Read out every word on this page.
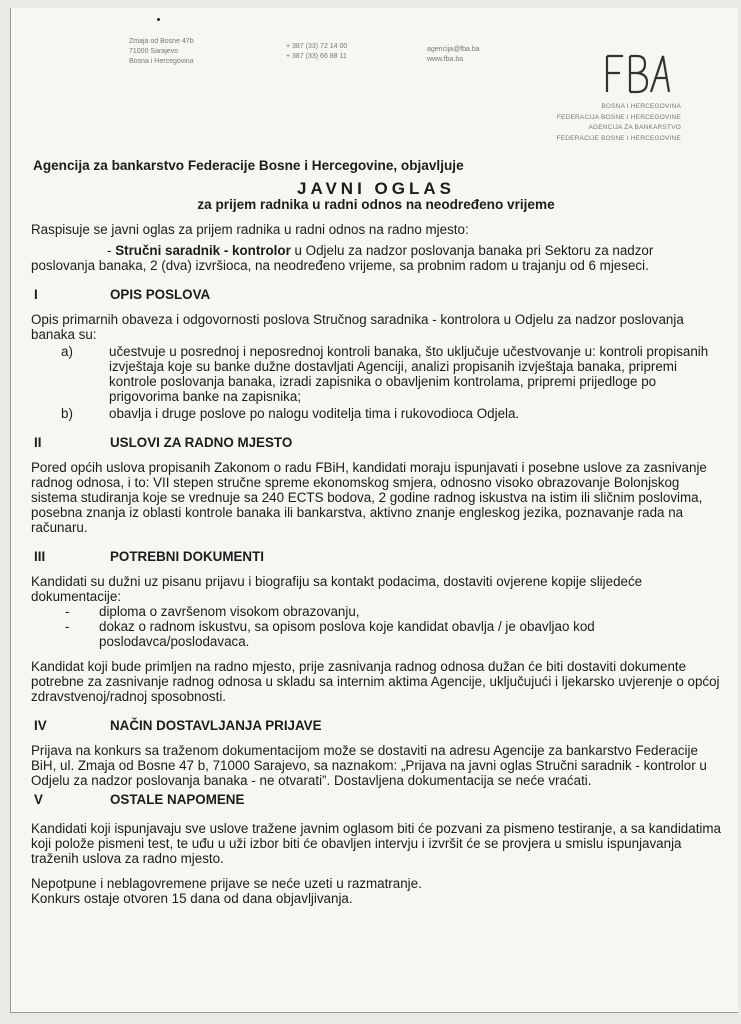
Zmaja od Bosne 47b
71000 Sarajevo
Bosna i Hercegovina
+ 387 (33) 72 14 00
+ 387 (33) 66 88 11
agencija@fba.ba
www.fba.ba
BOSNA I HERCEGOVINA
FEDERACIJA BOSNE I HERCEGOVINE
AGENCIJA ZA BANKARSTVO
FEDERACIJE BOSNE I HERCEGOVINE
Agencija za bankarstvo Federacije Bosne i Hercegovine, objavljuje
JAVNI OGLAS
za prijem radnika u radni odnos na neodređeno vrijeme

Raspisuje se javni oglas za prijem radnika u radni odnos na radno mjesto:

- Stručni saradnik - kontrolor u Odjelu za nadzor poslovanja banaka pri Sektoru za nadzor poslovanja banaka, 2 (dva) izvršioca, na neodređeno vrijeme, sa probnim radom u trajanju od 6 mjeseci.

I	OPIS POSLOVA

Opis primarnih obaveza i odgovornosti poslova Stručnog saradnika - kontrolora u Odjelu za nadzor poslovanja banaka su:

a)	učestvuje u posrednoj i neposrednoj kontroli banaka, što uključuje učestvovanje u: kontroli propisanih izvještaja koje su banke dužne dostavljati Agenciji, analizi propisanih izvještaja banaka, pripremi kontrole poslovanja banaka, izradi zapisnika o obavljenim kontrolama, pripremi prijedloge po prigovorima banke na zapisnika;
b)	obavlja i druge poslove po nalogu voditelja tima i rukovodioca Odjela.
II	USLOVI ZA RADNO MJESTO

Pored općih uslova propisanih Zakonom o radu FBiH, kandidati moraju ispunjavati i posebne uslove za zasnivanje radnog odnosa, i to: VII stepen stručne spreme ekonomskog smjera, odnosno visoko obrazovanje Bolonjskog sistema studiranja koje se vrednuje sa 240 ECTS bodova, 2 godine radnog iskustva na istim ili sličnim poslovima, posebna znanja iz oblasti kontrole banaka ili bankarstva, aktivno znanje engleskog jezika, poznavanje rada na računaru.

III	POTREBNI DOKUMENTI

Kandidati su dužni uz pisanu prijavu i biografiju sa kontakt podacima, dostaviti ovjerene kopije slijedeće dokumentacije:

-	diploma o završenom visokom obrazovanju,
-	dokaz o radnom iskustvu, sa opisom poslova koje kandidat obavlja / je obavljao kod poslodavca/poslodavaca.

Kandidat koji bude primljen na radno mjesto, prije zasnivanja radnog odnosa dužan će biti dostaviti dokumente potrebne za zasnivanje radnog odnosa u skladu sa internim aktima Agencije, uključujući i ljekarsko uvjerenje o općoj zdravstvenoj/radnoj sposobnosti.

IV	NAČIN DOSTAVLJANJA PRIJAVE

Prijava na konkurs sa traženom dokumentacijom može se dostaviti na adresu Agencije za bankarstvo Federacije BiH, ul. Zmaja od Bosne 47 b, 71000 Sarajevo, sa naznakom: „Prijava na javni oglas Stručni saradnik - kontrolor u Odjelu za nadzor poslovanja banaka - ne otvarati”. Dostavljena dokumentacija se neće vraćati.

V	OSTALE NAPOMENE

Kandidati koji ispunjavaju sve uslove tražene javnim oglasom biti će pozvani za pismeno testiranje, a sa kandidatima koji polože pismeni test, te uđu u uži izbor biti će obavljen intervju i izvršit će se provjera u smislu ispunjavanja traženih uslova za radno mjesto.

Nepotpune i neblagovremene prijave se neće uzeti u razmatranje.

Konkurs ostaje otvoren 15 dana od dana objavljivanja.
